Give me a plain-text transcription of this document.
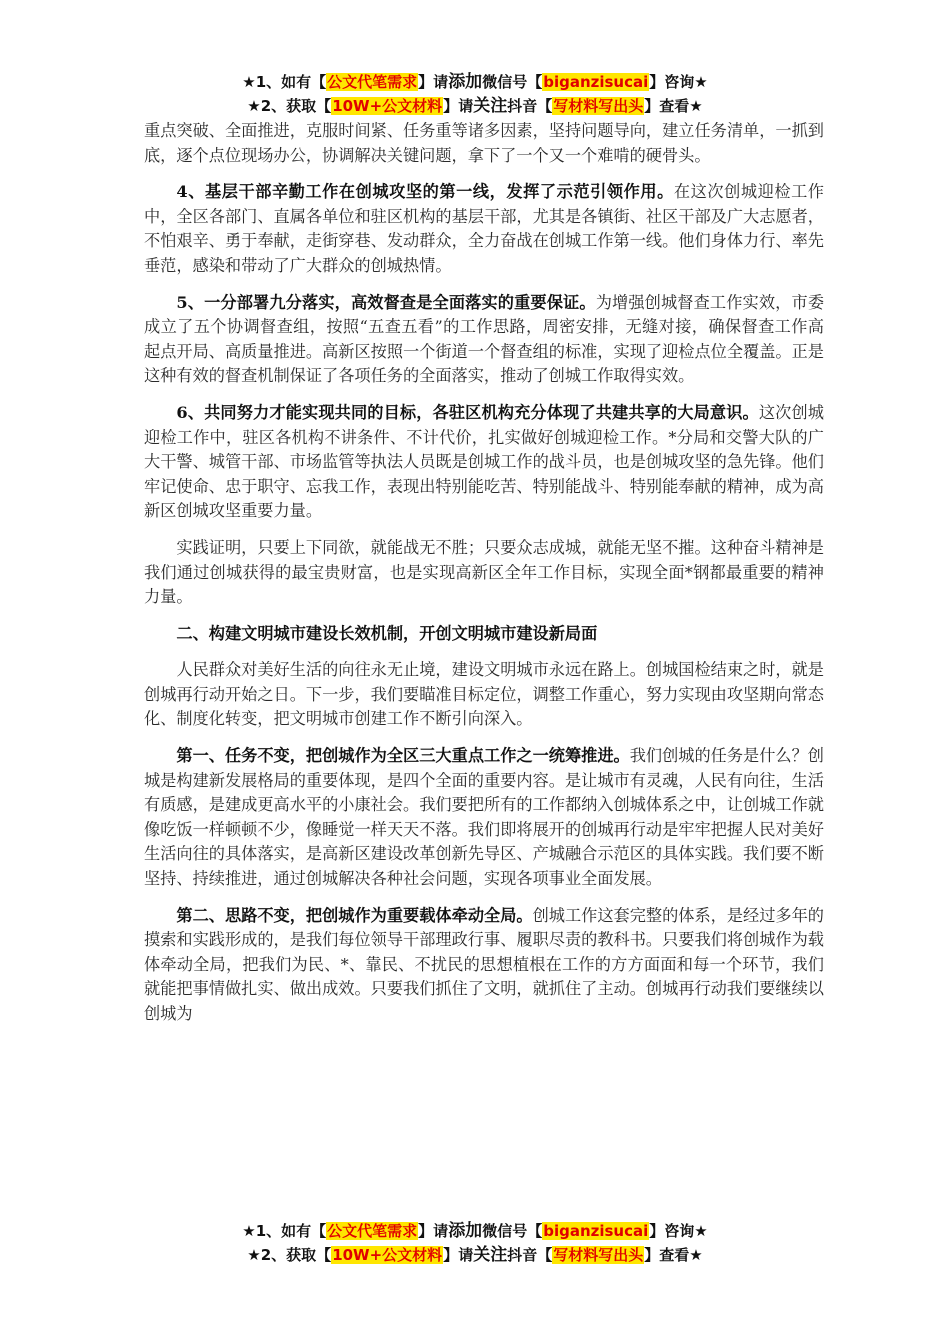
★1、如有【公文代笔需求】请添加微信号【biganzisucai】咨询★
★2、获取【10W+公文材料】请关注抖音【写材料写出头】查看★

重点突破、全面推进，克服时间紧、任务重等诸多因素，坚持问题导向，建立任务清单，一抓到底，逐个点位现场办公，协调解决关键问题，拿下了一个又一个难啃的硬骨头。

4、基层干部辛勤工作在创城攻坚的第一线，发挥了示范引领作用。在这次创城迎检工作中，全区各部门、直属各单位和驻区机构的基层干部，尤其是各镇街、社区干部及广大志愿者，不怕艰辛、勇于奉献，走街穿巷、发动群众，全力奋战在创城工作第一线。他们身体力行、率先垂范，感染和带动了广大群众的创城热情。

5、一分部署九分落实，高效督查是全面落实的重要保证。为增强创城督查工作实效，市委成立了五个协调督查组，按照“五查五看”的工作思路，周密安排，无缝对接，确保督查工作高起点开局、高质量推进。高新区按照一个街道一个督查组的标准，实现了迎检点位全覆盖。正是这种有效的督查机制保证了各项任务的全面落实，推动了创城工作取得实效。

6、共同努力才能实现共同的目标，各驻区机构充分体现了共建共享的大局意识。这次创城迎检工作中，驻区各机构不讲条件、不计代价，扎实做好创城迎检工作。*分局和交警大队的广大干警、城管干部、市场监管等执法人员既是创城工作的战斗员，也是创城攻坚的急先锋。他们牢记使命、忠于职守、忘我工作，表现出特别能吃苦、特别能战斗、特别能奉献的精神，成为高新区创城攻坚重要力量。

实践证明，只要上下同欲，就能战无不胜；只要众志成城，就能无坚不摧。这种奋斗精神是我们通过创城获得的最宝贵财富，也是实现高新区全年工作目标，实现全面*钢都最重要的精神力量。

二、构建文明城市建设长效机制，开创文明城市建设新局面

人民群众对美好生活的向往永无止境，建设文明城市永远在路上。创城国检结束之时，就是创城再行动开始之日。下一步，我们要瞄准目标定位，调整工作重心，努力实现由攻坚期向常态化、制度化转变，把文明城市创建工作不断引向深入。

第一、任务不变，把创城作为全区三大重点工作之一统筹推进。我们创城的任务是什么？创城是构建新发展格局的重要体现，是四个全面的重要内容。是让城市有灵魂，人民有向往，生活有质感，是建成更高水平的小康社会。我们要把所有的工作都纳入创城体系之中，让创城工作就像吃饭一样顿顿不少，像睡觉一样天天不落。我们即将展开的创城再行动是牢牢把握人民对美好生活向往的具体落实，是高新区建设改革创新先导区、产城融合示范区的具体实践。我们要不断坚持、持续推进，通过创城解决各种社会问题，实现各项事业全面发展。

第二、思路不变，把创城作为重要载体牵动全局。创城工作这套完整的体系，是经过多年的摸索和实践形成的，是我们每位领导干部理政行事、履职尽责的教科书。只要我们将创城作为载体牵动全局，把我们为民、*、靠民、不扰民的思想植根在工作的方方面面和每一个环节，我们就能把事情做扎实、做出成效。只要我们抓住了文明，就抓住了主动。创城再行动我们要继续以创城为

★1、如有【公文代笔需求】请添加微信号【biganzisucai】咨询★
★2、获取【10W+公文材料】请关注抖音【写材料写出头】查看★
